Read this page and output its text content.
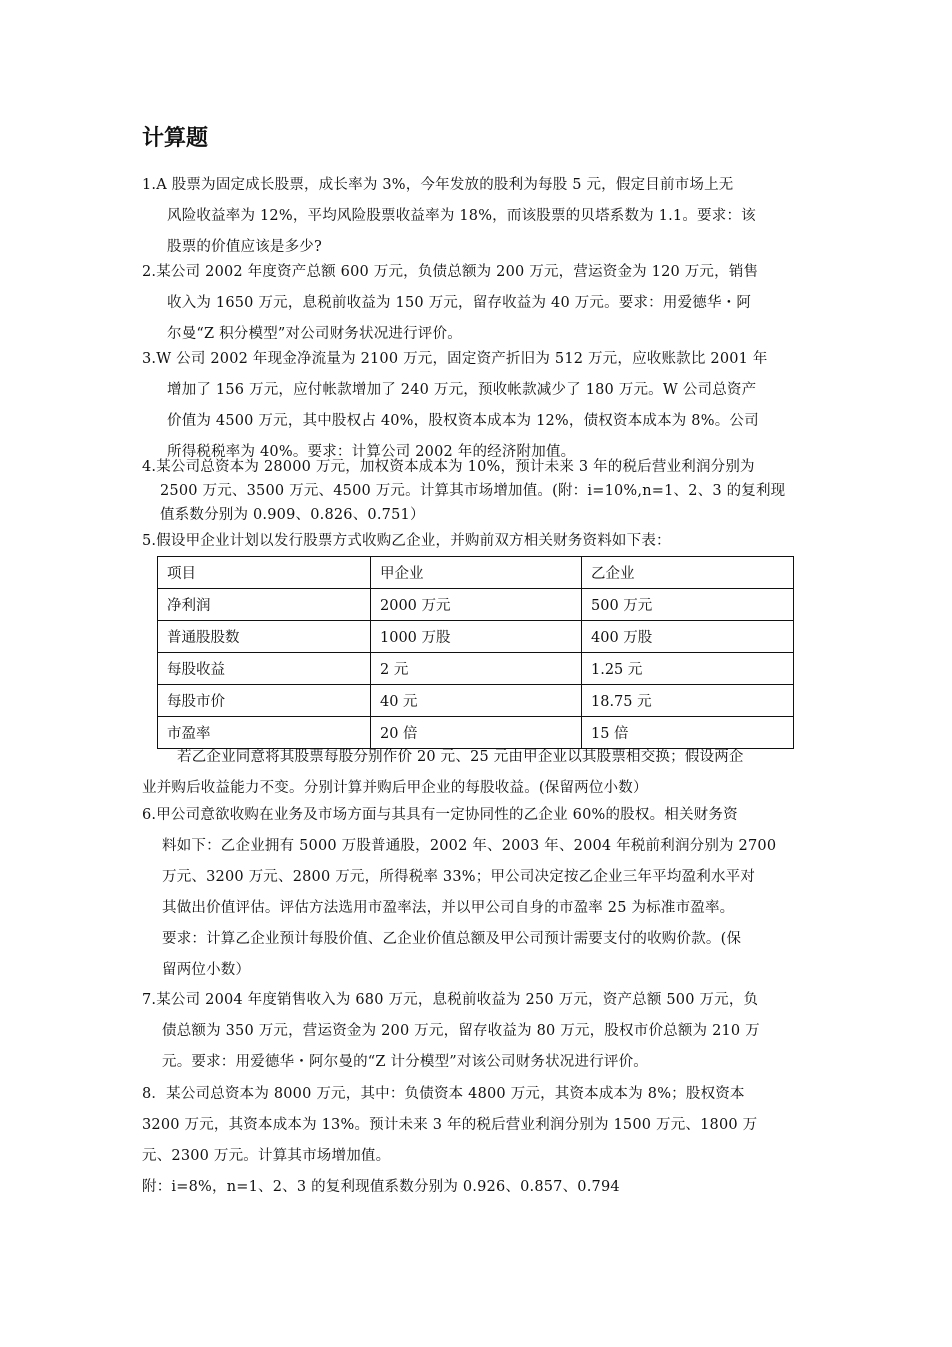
计算题
1.A 股票为固定成长股票，成长率为 3%，今年发放的股利为每股 5 元，假定目前市场上无
风险收益率为 12%，平均风险股票收益率为 18%，而该股票的贝塔系数为 1.1。要求：该
股票的价值应该是多少?
2.某公司 2002 年度资产总额 600 万元，负债总额为 200 万元，营运资金为 120 万元，销售
收入为 1650 万元，息税前收益为 150 万元，留存收益为 40 万元。要求：用爱德华・阿
尔曼“Z 积分模型”对公司财务状况进行评价。
3.W 公司 2002 年现金净流量为 2100 万元，固定资产折旧为 512 万元，应收账款比 2001 年
增加了 156 万元，应付帐款增加了 240 万元，预收帐款减少了 180 万元。W 公司总资产
价值为 4500 万元，其中股权占 40%，股权资本成本为 12%，债权资本成本为 8%。公司
所得税税率为 40%。要求：计算公司 2002 年的经济附加值。
4.某公司总资本为 28000 万元，加权资本成本为 10%，预计未来 3 年的税后营业利润分别为
2500 万元、3500 万元、4500 万元。计算其市场增加值。(附：i=10%,n=1、2、3 的复利现
值系数分别为 0.909、0.826、0.751）
5.假设甲企业计划以发行股票方式收购乙企业，并购前双方相关财务资料如下表：
项目	甲企业	乙企业
净利润	2000 万元	500 万元
普通股股数	1000 万股	400 万股
每股收益	2 元	1.25 元
每股市价	40 元	18.75 元
市盈率	20 倍	15 倍
若乙企业同意将其股票每股分别作价 20 元、25 元由甲企业以其股票相交换；假设两企
业并购后收益能力不变。分别计算并购后甲企业的每股收益。(保留两位小数）
6.甲公司意欲收购在业务及市场方面与其具有一定协同性的乙企业 60%的股权。相关财务资
料如下：乙企业拥有 5000 万股普通股，2002 年、2003 年、2004 年税前利润分别为 2700
万元、3200 万元、2800 万元，所得税率 33%；甲公司决定按乙企业三年平均盈利水平对
其做出价值评估。评估方法选用市盈率法，并以甲公司自身的市盈率 25 为标准市盈率。
要求：计算乙企业预计每股价值、乙企业价值总额及甲公司预计需要支付的收购价款。(保
留两位小数）
7.某公司 2004 年度销售收入为 680 万元，息税前收益为 250 万元，资产总额 500 万元，负
债总额为 350 万元，营运资金为 200 万元，留存收益为 80 万元，股权市价总额为 210 万
元。要求：用爱德华・阿尔曼的“Z 计分模型”对该公司财务状况进行评价。
8．某公司总资本为 8000 万元，其中：负债资本 4800 万元，其资本成本为 8%；股权资本
3200 万元，其资本成本为 13%。预计未来 3 年的税后营业利润分别为 1500 万元、1800 万
元、2300 万元。计算其市场增加值。
附：i=8%，n=1、2、3 的复利现值系数分别为 0.926、0.857、0.794
